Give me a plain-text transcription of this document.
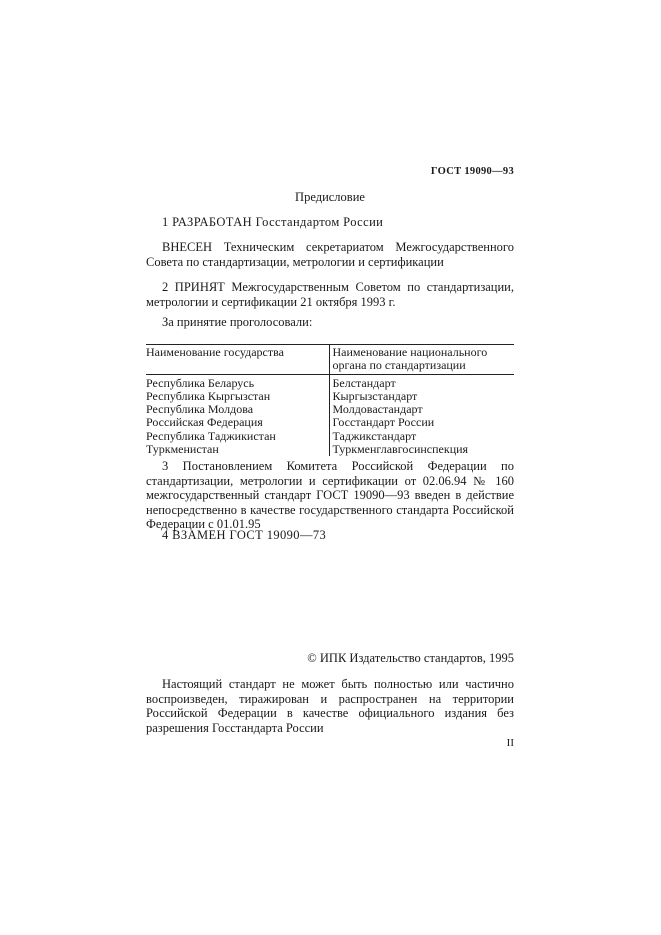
ГОСТ 19090—93
Предисловие
1 РАЗРАБОТАН Госстандартом России
ВНЕСЕН Техническим секретариатом Межгосударственного Совета по стандартизации, метрологии и сертификации
2 ПРИНЯТ Межгосударственным Советом по стандартизации, метрологии и сертификации 21 октября 1993 г.
За принятие проголосовали:
Наименование государства	Наименование национального органа по стандартизации
Республика Беларусь	Белстандарт
Республика Кыргызстан	Кыргызстандарт
Республика Молдова	Молдовастандарт
Российская Федерация	Госстандарт России
Республика Таджикистан	Таджикстандарт
Туркменистан	Туркменглавгосинспекция
3 Постановлением Комитета Российской Федерации по стандартизации, метрологии и сертификации от 02.06.94 № 160 межгосударственный стандарт ГОСТ 19090—93 введен в действие непосредственно в качестве государственного стандарта Российской Федерации с 01.01.95
4 ВЗАМЕН ГОСТ 19090—73
© ИПК Издательство стандартов, 1995
Настоящий стандарт не может быть полностью или частично воспроизведен, тиражирован и распространен на территории Российской Федерации в качестве официального издания без разрешения Госстандарта России
II
